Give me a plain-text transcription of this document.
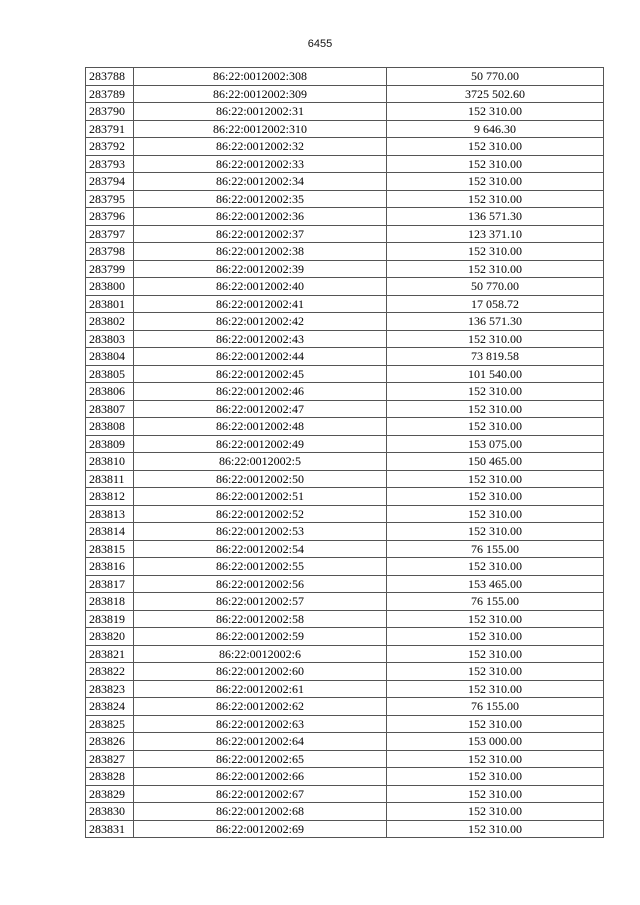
6455
283788	86:22:0012002:308	50 770.00
283789	86:22:0012002:309	3725 502.60
283790	86:22:0012002:31	152 310.00
283791	86:22:0012002:310	9 646.30
283792	86:22:0012002:32	152 310.00
283793	86:22:0012002:33	152 310.00
283794	86:22:0012002:34	152 310.00
283795	86:22:0012002:35	152 310.00
283796	86:22:0012002:36	136 571.30
283797	86:22:0012002:37	123 371.10
283798	86:22:0012002:38	152 310.00
283799	86:22:0012002:39	152 310.00
283800	86:22:0012002:40	50 770.00
283801	86:22:0012002:41	17 058.72
283802	86:22:0012002:42	136 571.30
283803	86:22:0012002:43	152 310.00
283804	86:22:0012002:44	73 819.58
283805	86:22:0012002:45	101 540.00
283806	86:22:0012002:46	152 310.00
283807	86:22:0012002:47	152 310.00
283808	86:22:0012002:48	152 310.00
283809	86:22:0012002:49	153 075.00
283810	86:22:0012002:5	150 465.00
283811	86:22:0012002:50	152 310.00
283812	86:22:0012002:51	152 310.00
283813	86:22:0012002:52	152 310.00
283814	86:22:0012002:53	152 310.00
283815	86:22:0012002:54	76 155.00
283816	86:22:0012002:55	152 310.00
283817	86:22:0012002:56	153 465.00
283818	86:22:0012002:57	76 155.00
283819	86:22:0012002:58	152 310.00
283820	86:22:0012002:59	152 310.00
283821	86:22:0012002:6	152 310.00
283822	86:22:0012002:60	152 310.00
283823	86:22:0012002:61	152 310.00
283824	86:22:0012002:62	76 155.00
283825	86:22:0012002:63	152 310.00
283826	86:22:0012002:64	153 000.00
283827	86:22:0012002:65	152 310.00
283828	86:22:0012002:66	152 310.00
283829	86:22:0012002:67	152 310.00
283830	86:22:0012002:68	152 310.00
283831	86:22:0012002:69	152 310.00
